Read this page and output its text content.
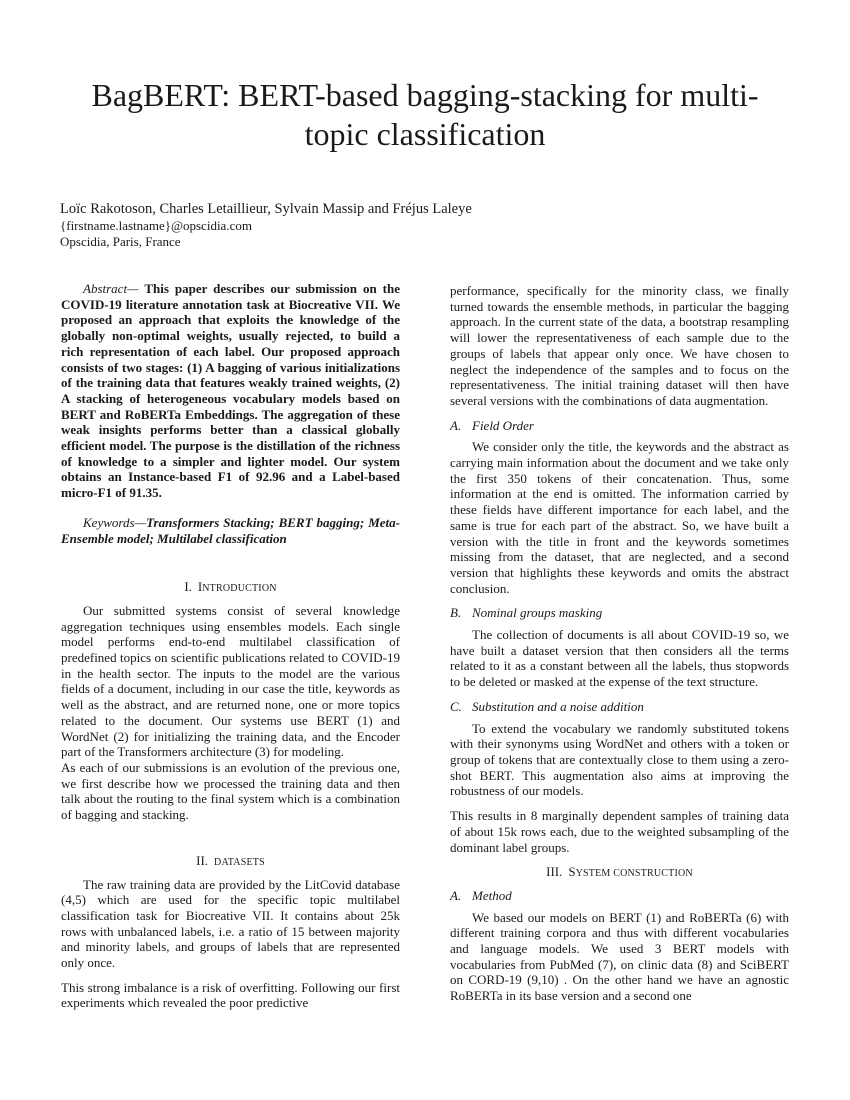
BagBERT: BERT-based bagging-stacking for multi-topic classification

Loïc Rakotoson, Charles Letaillieur, Sylvain Massip and Fréjus Laleye

{firstname.lastname}@opscidia.com

Opscidia, Paris, France

Abstract— This paper describes our submission on the COVID-19 literature annotation task at Biocreative VII. We proposed an approach that exploits the knowledge of the globally non-optimal weights, usually rejected, to build a rich representation of each label. Our proposed approach consists of two stages: (1) A bagging of various initializations of the training data that features weakly trained weights, (2) A stacking of heterogeneous vocabulary models based on BERT and RoBERTa Embeddings. The aggregation of these weak insights performs better than a classical globally efficient model. The purpose is the distillation of the richness of knowledge to a simpler and lighter model. Our system obtains an Instance-based F1 of 92.96 and a Label-based micro-F1 of 91.35.

Keywords—Transformers Stacking; BERT bagging; Meta-Ensemble model; Multilabel classification

I. INTRODUCTION

Our submitted systems consist of several knowledge aggregation techniques using ensembles models. Each single model performs end-to-end multilabel classification of predefined topics on scientific publications related to COVID-19 in the health sector. The inputs to the model are the various fields of a document, including in our case the title, keywords as well as the abstract, and are returned none, one or more topics related to the document. Our systems use BERT (1) and WordNet (2) for initializing the training data, and the Encoder part of the Transformers architecture (3) for modeling.

As each of our submissions is an evolution of the previous one, we first describe how we processed the training data and then talk about the routing to the final system which is a combination of bagging and stacking.

II. DATASETS

The raw training data are provided by the LitCovid database (4,5) which are used for the specific topic multilabel classification task for Biocreative VII. It contains about 25k rows with unbalanced labels, i.e. a ratio of 15 between majority and minority labels, and groups of labels that are represented only once.

This strong imbalance is a risk of overfitting. Following our first experiments which revealed the poor predictive

performance, specifically for the minority class, we finally turned towards the ensemble methods, in particular the bagging approach. In the current state of the data, a bootstrap resampling will lower the representativeness of each sample due to the groups of labels that appear only once. We have chosen to neglect the independence of the samples and to focus on the representativeness. The initial training dataset will then have several versions with the combinations of data augmentation.

A. Field Order

We consider only the title, the keywords and the abstract as carrying main information about the document and we take only the first 350 tokens of their concatenation. Thus, some information at the end is omitted. The information carried by these fields have different importance for each label, and the same is true for each part of the abstract. So, we have built a version with the title in front and the keywords sometimes missing from the dataset, that are neglected, and a second version that highlights these keywords and omits the abstract conclusion.

B. Nominal groups masking

The collection of documents is all about COVID-19 so, we have built a dataset version that then considers all the terms related to it as a constant between all the labels, thus stopwords to be deleted or masked at the expense of the text structure.

C. Substitution and a noise addition

To extend the vocabulary we randomly substituted tokens with their synonyms using WordNet and others with a token or group of tokens that are contextually close to them using a zero-shot BERT. This augmentation also aims at improving the robustness of our models.

This results in 8 marginally dependent samples of training data of about 15k rows each, due to the weighted subsampling of the dominant label groups.

III. SYSTEM CONSTRUCTION
A. Method

We based our models on BERT (1) and RoBERTa (6) with different training corpora and thus with different vocabularies and language models. We used 3 BERT models with vocabularies from PubMed (7), on clinic data (8) and SciBERT on CORD-19 (9,10) . On the other hand we have an agnostic RoBERTa in its base version and a second one
